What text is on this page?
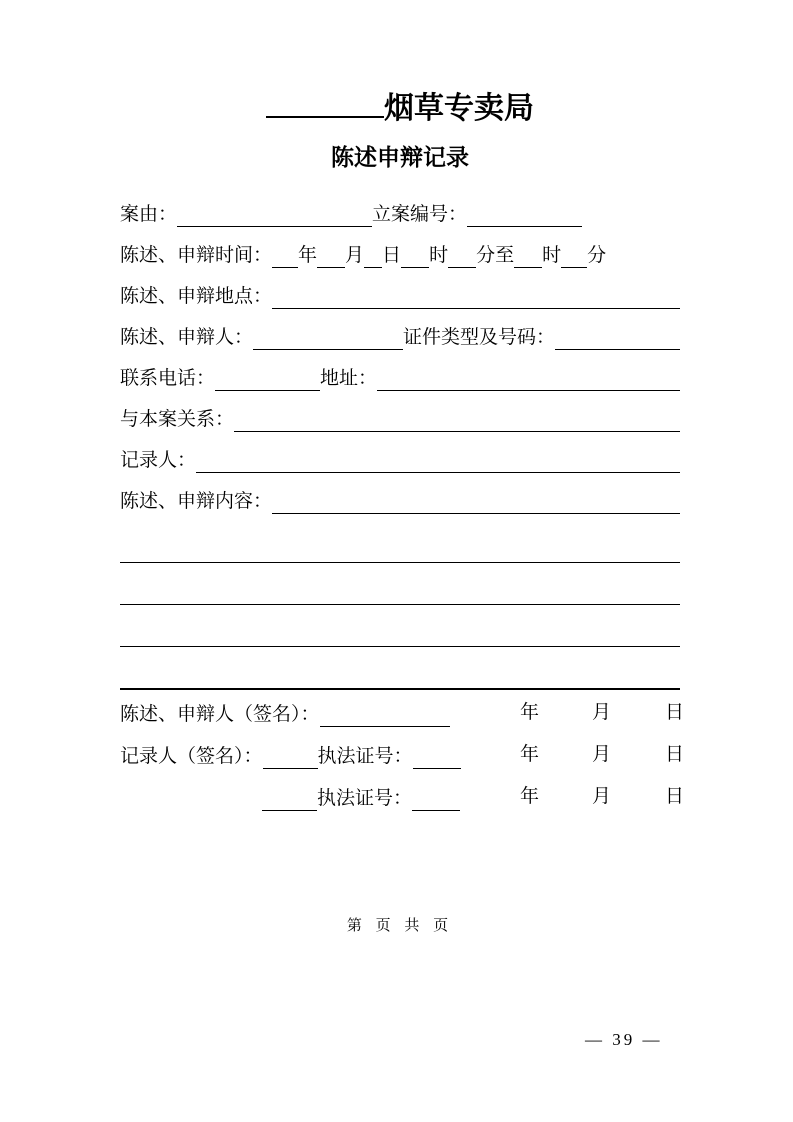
烟草专卖局
陈述申辩记录
案由：	立案编号：
陈述、申辩时间： 年 月 日 时 分至 时 分
陈述、申辩地点：
陈述、申辩人：	证件类型及号码：
联系电话：	地址：
与本案关系：
记录人：
陈述、申辩内容：
陈述、申辩人（签名）：	年	月	日
记录人（签名）：	执法证号：	年	月	日
执法证号：	年	月	日
第 页 共 页
— 39 —
